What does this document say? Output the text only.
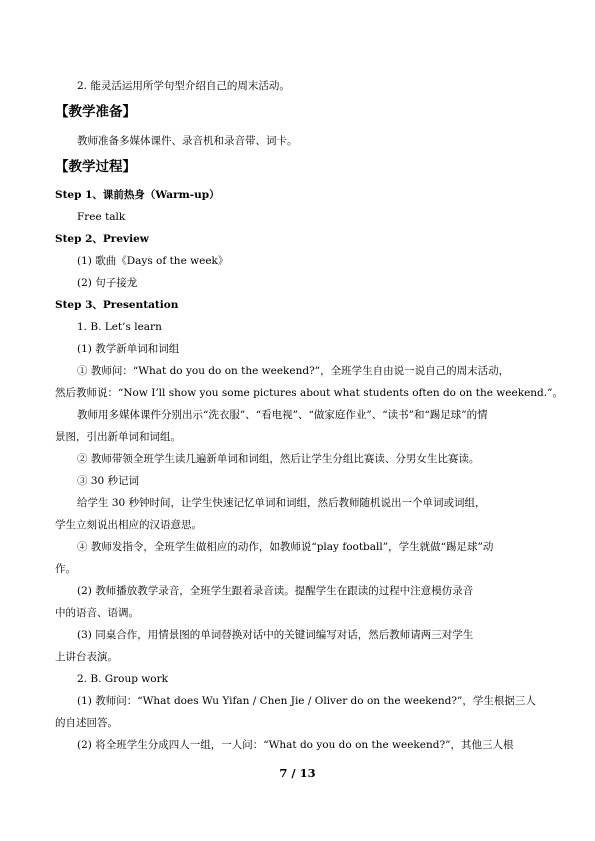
2. 能灵活运用所学句型介绍自己的周末活动。
【教学准备】
教师准备多媒体课件、录音机和录音带、词卡。
【教学过程】
Step 1、课前热身（Warm-up）
Free talk
Step 2、Preview
(1) 歌曲《Days of the week》
(2) 句子接龙
Step 3、Presentation
1. B. Let’s learn
(1) 教学新单词和词组
① 教师问：“What do you do on the weekend?”，全班学生自由说一说自己的周末活动，
然后教师说：“Now I’ll show you some pictures about what students often do on the weekend.”。
教师用多媒体课件分别出示“洗衣服”、“看电视”、“做家庭作业”、“读书”和“踢足球”的情
景图，引出新单词和词组。
② 教师带领全班学生读几遍新单词和词组，然后让学生分组比赛读、分男女生比赛读。
③ 30 秒记词
给学生 30 秒钟时间，让学生快速记忆单词和词组，然后教师随机说出一个单词或词组，
学生立刻说出相应的汉语意思。
④ 教师发指令，全班学生做相应的动作，如教师说“play football”，学生就做“踢足球”动
作。
(2) 教师播放教学录音，全班学生跟着录音读。提醒学生在跟读的过程中注意模仿录音
中的语音、语调。
(3) 同桌合作，用情景图的单词替换对话中的关键词编写对话，然后教师请两三对学生
上讲台表演。
2. B. Group work
(1) 教师问：“What does Wu Yifan / Chen Jie / Oliver do on the weekend?”，学生根据三人
的自述回答。
(2) 将全班学生分成四人一组，一人问：“What do you do on the weekend?”，其他三人根
7 / 13
